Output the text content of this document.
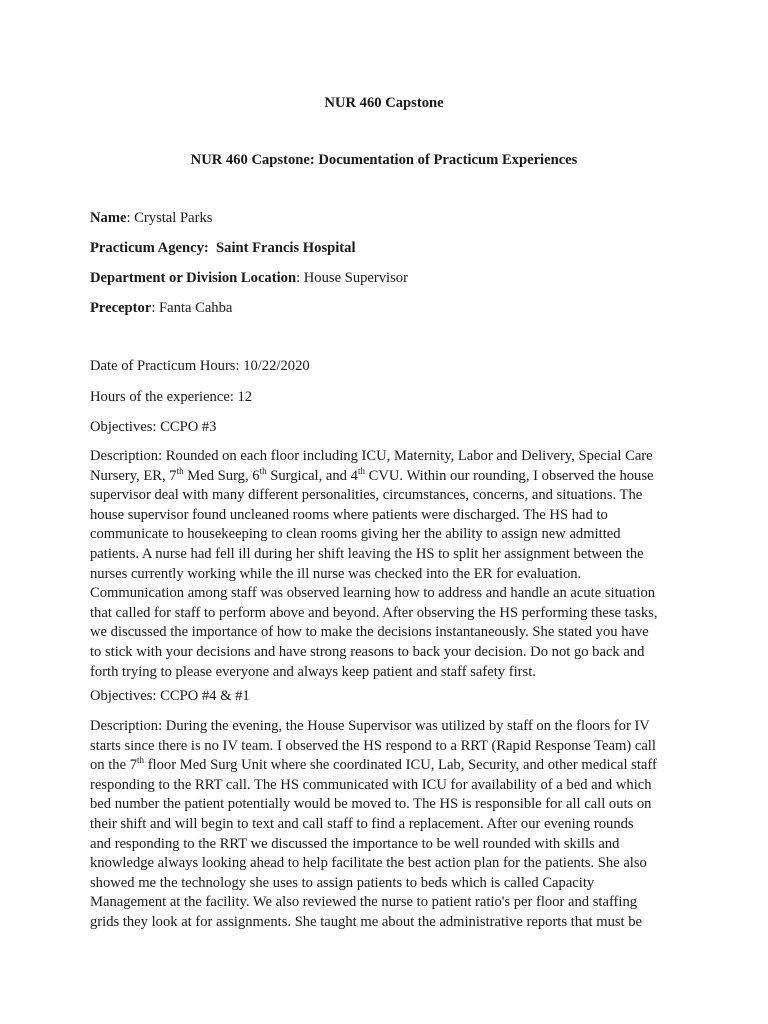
NUR 460 Capstone
NUR 460 Capstone: Documentation of Practicum Experiences
Name: Crystal Parks
Practicum Agency: Saint Francis Hospital
Department or Division Location: House Supervisor
Preceptor: Fanta Cahba
Date of Practicum Hours: 10/22/2020
Hours of the experience: 12
Objectives: CCPO #3
Description: Rounded on each floor including ICU, Maternity, Labor and Delivery, Special Care
Nursery, ER, 7th Med Surg, 6th Surgical, and 4th CVU. Within our rounding, I observed the house
supervisor deal with many different personalities, circumstances, concerns, and situations. The
house supervisor found uncleaned rooms where patients were discharged. The HS had to
communicate to housekeeping to clean rooms giving her the ability to assign new admitted
patients. A nurse had fell ill during her shift leaving the HS to split her assignment between the
nurses currently working while the ill nurse was checked into the ER for evaluation.
Communication among staff was observed learning how to address and handle an acute situation
that called for staff to perform above and beyond. After observing the HS performing these tasks,
we discussed the importance of how to make the decisions instantaneously. She stated you have
to stick with your decisions and have strong reasons to back your decision. Do not go back and
forth trying to please everyone and always keep patient and staff safety first.
Objectives: CCPO #4 & #1
Description: During the evening, the House Supervisor was utilized by staff on the floors for IV
starts since there is no IV team. I observed the HS respond to a RRT (Rapid Response Team) call
on the 7th floor Med Surg Unit where she coordinated ICU, Lab, Security, and other medical staff
responding to the RRT call. The HS communicated with ICU for availability of a bed and which
bed number the patient potentially would be moved to. The HS is responsible for all call outs on
their shift and will begin to text and call staff to find a replacement. After our evening rounds
and responding to the RRT we discussed the importance to be well rounded with skills and
knowledge always looking ahead to help facilitate the best action plan for the patients. She also
showed me the technology she uses to assign patients to beds which is called Capacity
Management at the facility. We also reviewed the nurse to patient ratio's per floor and staffing
grids they look at for assignments. She taught me about the administrative reports that must be
